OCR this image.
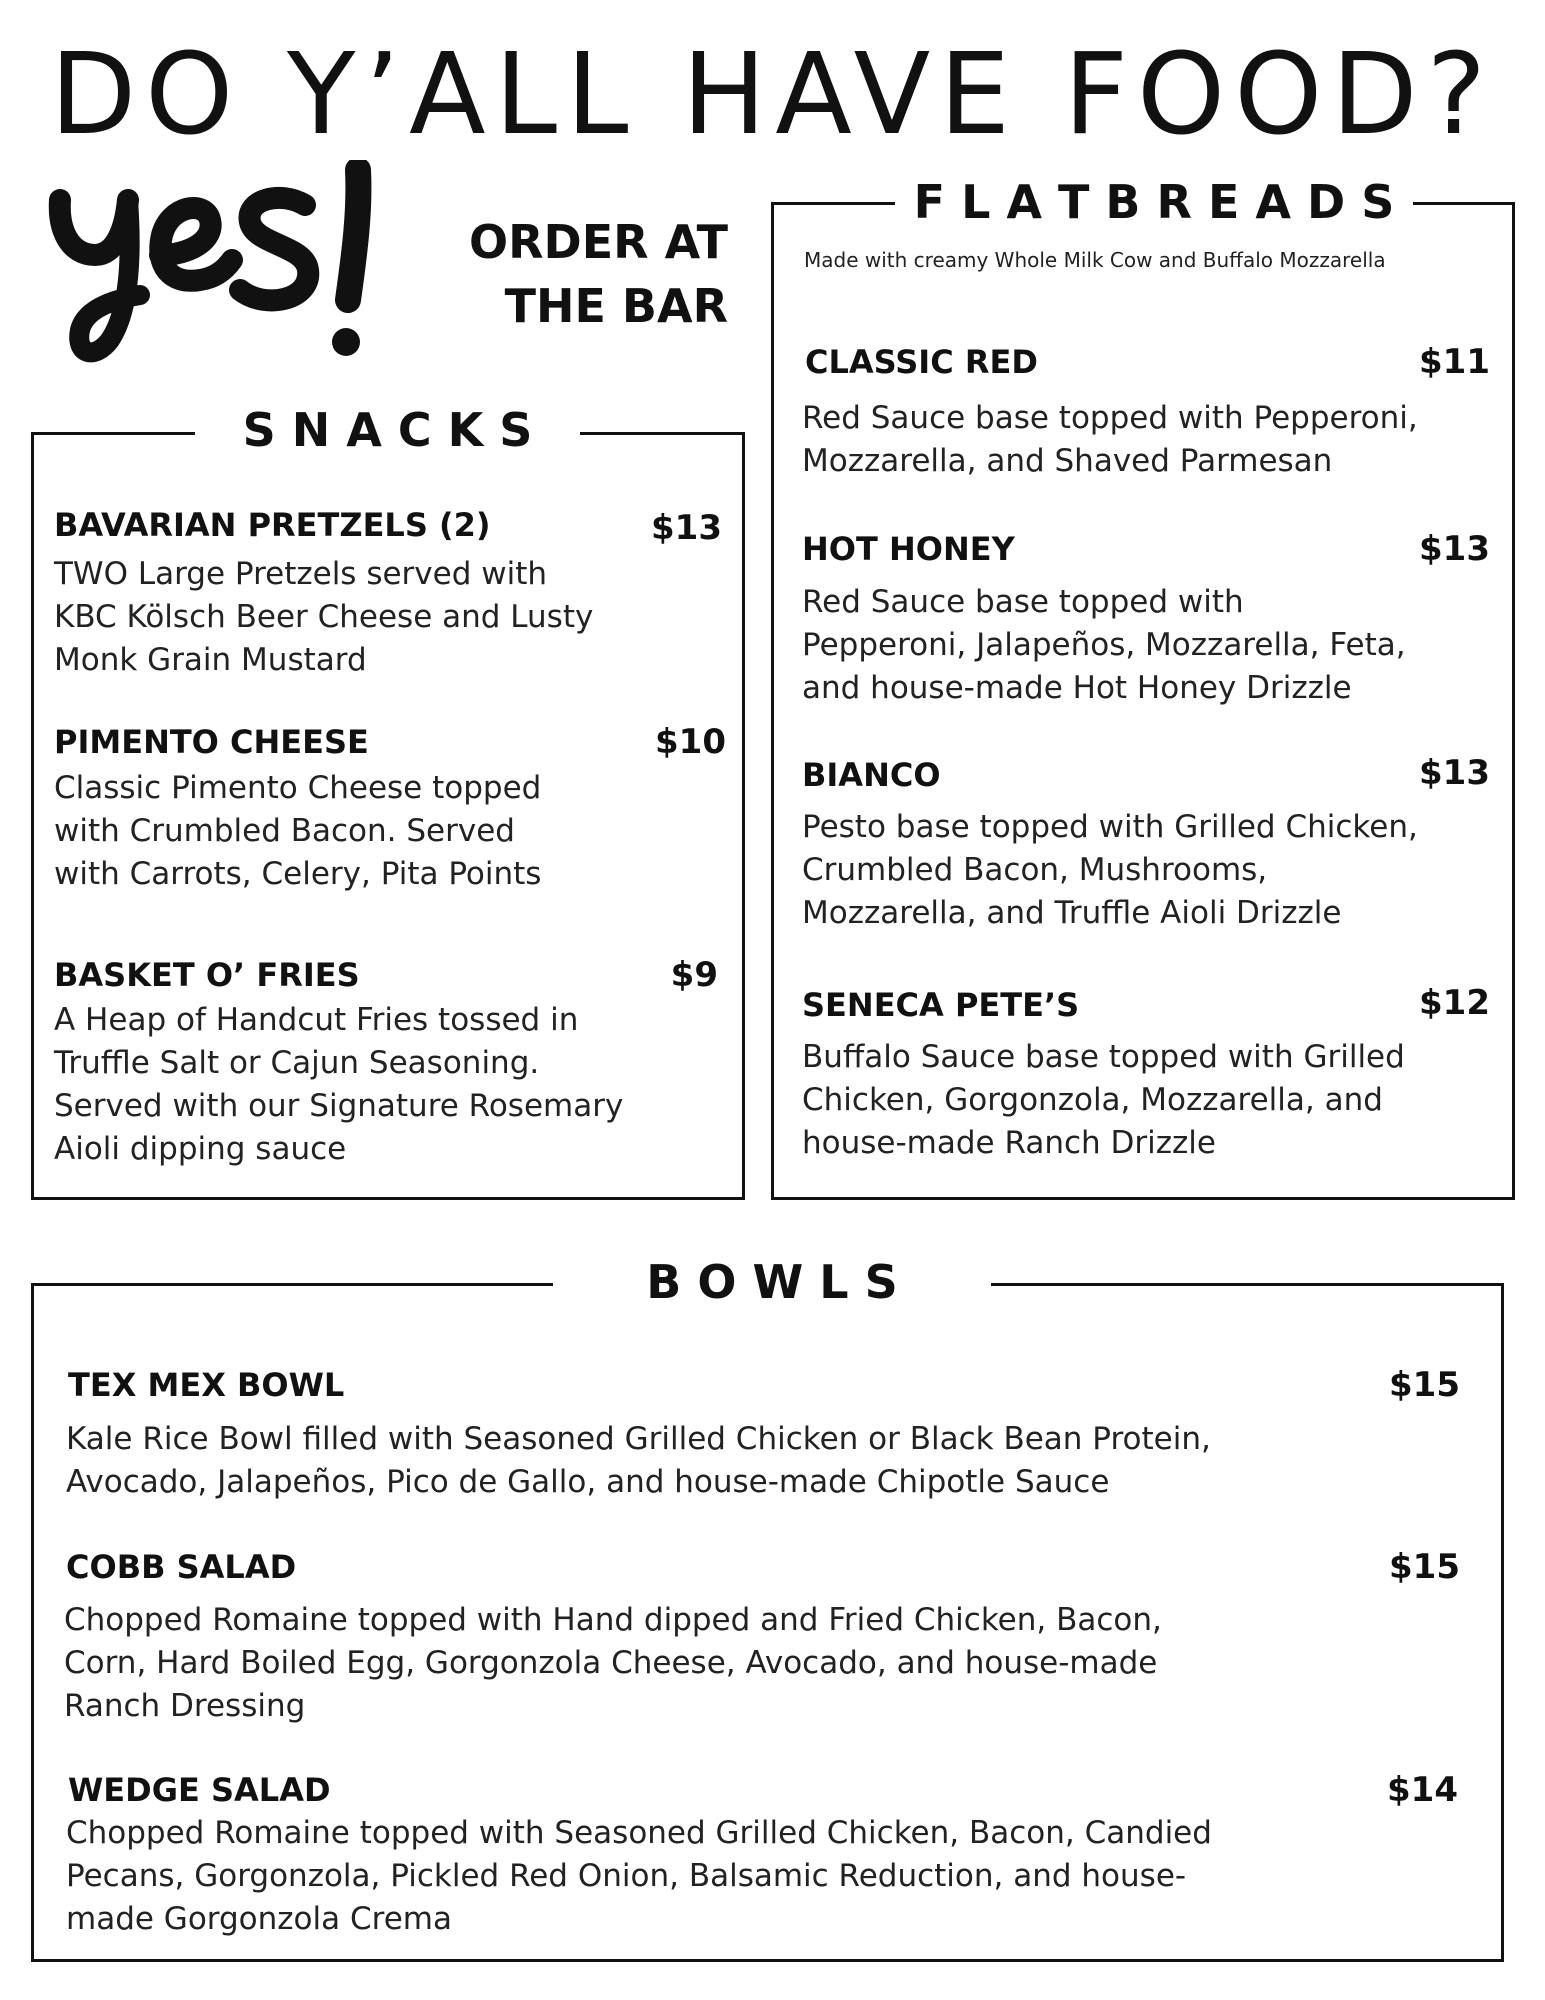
DO Y’ALL HAVE FOOD?
ORDER AT
THE BAR
S N A C K S
BAVARIAN PRETZELS (2)	$13
TWO Large Pretzels served with
KBC Kölsch Beer Cheese and Lusty
Monk Grain Mustard
PIMENTO CHEESE	$10
Classic Pimento Cheese topped
with Crumbled Bacon. Served
with Carrots, Celery, Pita Points
BASKET O’ FRIES	$9
A Heap of Handcut Fries tossed in
Truffle Salt or Cajun Seasoning.
Served with our Signature Rosemary
Aioli dipping sauce
F L A T B R E A D S
Made with creamy Whole Milk Cow and Buffalo Mozzarella
CLASSIC RED	$11
Red Sauce base topped with Pepperoni,
Mozzarella, and Shaved Parmesan
HOT HONEY	$13
Red Sauce base topped with
Pepperoni, Jalapeños, Mozzarella, Feta,
and house-made Hot Honey Drizzle
BIANCO	$13
Pesto base topped with Grilled Chicken,
Crumbled Bacon, Mushrooms,
Mozzarella, and Truffle Aioli Drizzle
SENECA PETE’S	$12
Buffalo Sauce base topped with Grilled
Chicken, Gorgonzola, Mozzarella, and
house-made Ranch Drizzle
B O W L S
TEX MEX BOWL	$15
Kale Rice Bowl filled with Seasoned Grilled Chicken or Black Bean Protein,
Avocado, Jalapeños, Pico de Gallo, and house-made Chipotle Sauce
COBB SALAD	$15
Chopped Romaine topped with Hand dipped and Fried Chicken, Bacon,
Corn, Hard Boiled Egg, Gorgonzola Cheese, Avocado, and house-made
Ranch Dressing
WEDGE SALAD	$14
Chopped Romaine topped with Seasoned Grilled Chicken, Bacon, Candied
Pecans, Gorgonzola, Pickled Red Onion, Balsamic Reduction, and house-
made Gorgonzola Crema
